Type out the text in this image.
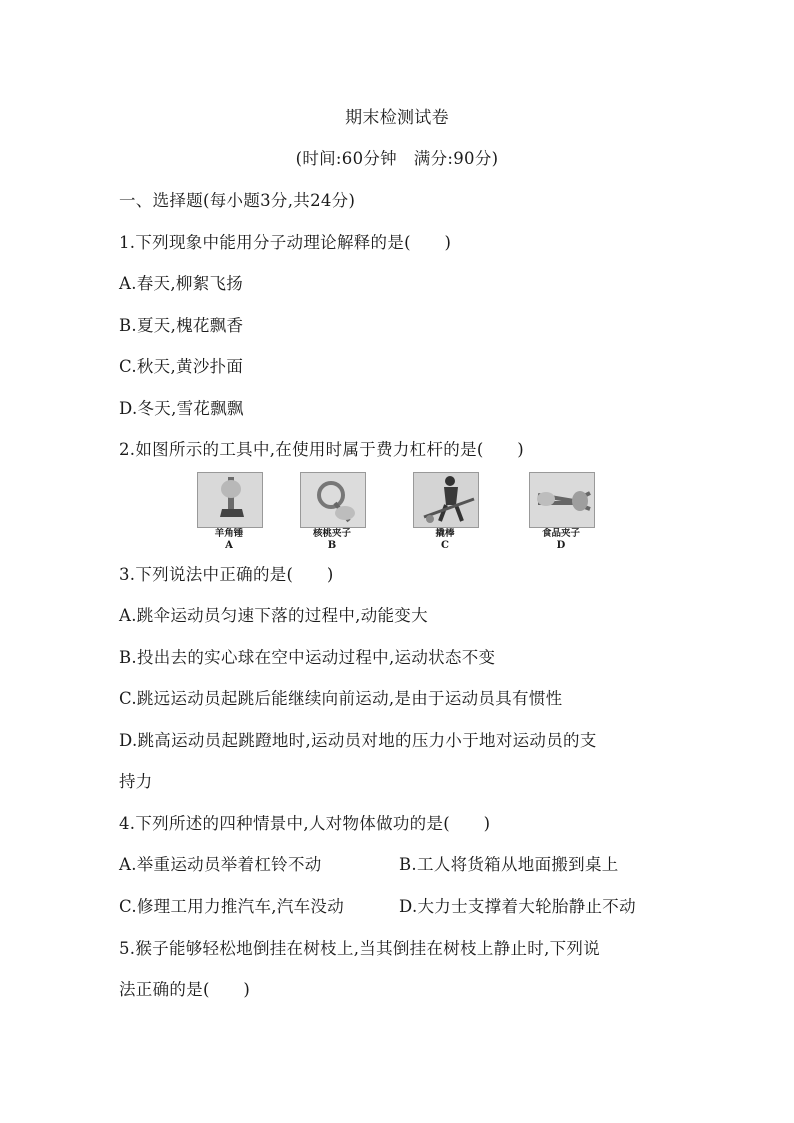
期末检测试卷
(时间:60分钟　满分:90分)
一、选择题(每小题3分,共24分)
1.下列现象中能用分子动理论解释的是(　　)
A.春天,柳絮飞扬
B.夏天,槐花飘香
C.秋天,黄沙扑面
D.冬天,雪花飘飘
2.如图所示的工具中,在使用时属于费力杠杆的是(　　)
羊角锤
A
核桃夹子
B
撬棒
C
食品夹子
D
3.下列说法中正确的是(　　)
A.跳伞运动员匀速下落的过程中,动能变大
B.投出去的实心球在空中运动过程中,运动状态不变
C.跳远运动员起跳后能继续向前运动,是由于运动员具有惯性
D.跳高运动员起跳蹬地时,运动员对地的压力小于地对运动员的支
持力
4.下列所述的四种情景中,人对物体做功的是(　　)
A.举重运动员举着杠铃不动	B.工人将货箱从地面搬到桌上
C.修理工用力推汽车,汽车没动	D.大力士支撑着大轮胎静止不动
5.猴子能够轻松地倒挂在树枝上,当其倒挂在树枝上静止时,下列说
法正确的是(　　)
